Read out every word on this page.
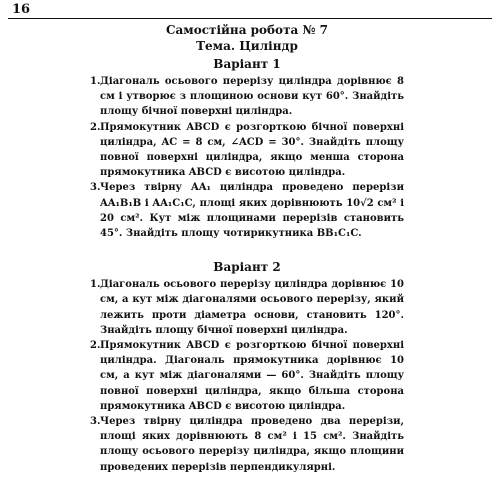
16
Самостійна робота № 7
Тема. Циліндр
Варіант 1
1. Діагональ осьового перерізу циліндра дорівнює 8 см і утворює з площиною основи кут 60°. Знайдіть площу бічної поверхні циліндра.
2. Прямокутник ABCD є розгорткою бічної поверхні циліндра, AC = 8 см, ∠ACD = 30°. Знайдіть площу повної поверхні циліндра, якщо менша сторона прямокутника ABCD є висотою циліндра.
3. Через твірну AA₁ циліндра проведено перерізи AA₁B₁B і AA₁C₁C, площі яких дорівнюють 10√2 см² і 20 см². Кут між площинами перерізів становить 45°. Знайдіть площу чотирикутника BB₁C₁C.
Варіант 2
1. Діагональ осьового перерізу циліндра дорівнює 10 см, а кут між діагоналями осьового перерізу, який лежить проти діаметра основи, становить 120°. Знайдіть площу бічної поверхні циліндра.
2. Прямокутник ABCD є розгорткою бічної поверхні циліндра. Діагональ прямокутника дорівнює 10 см, а кут між діагоналями — 60°. Знайдіть площу повної поверхні циліндра, якщо більша сторона прямокутника ABCD є висотою циліндра.
3. Через твірну циліндра проведено два перерізи, площі яких дорівнюють 8 см² і 15 см². Знайдіть площу осьового перерізу циліндра, якщо площини проведених перерізів перпендикулярні.
